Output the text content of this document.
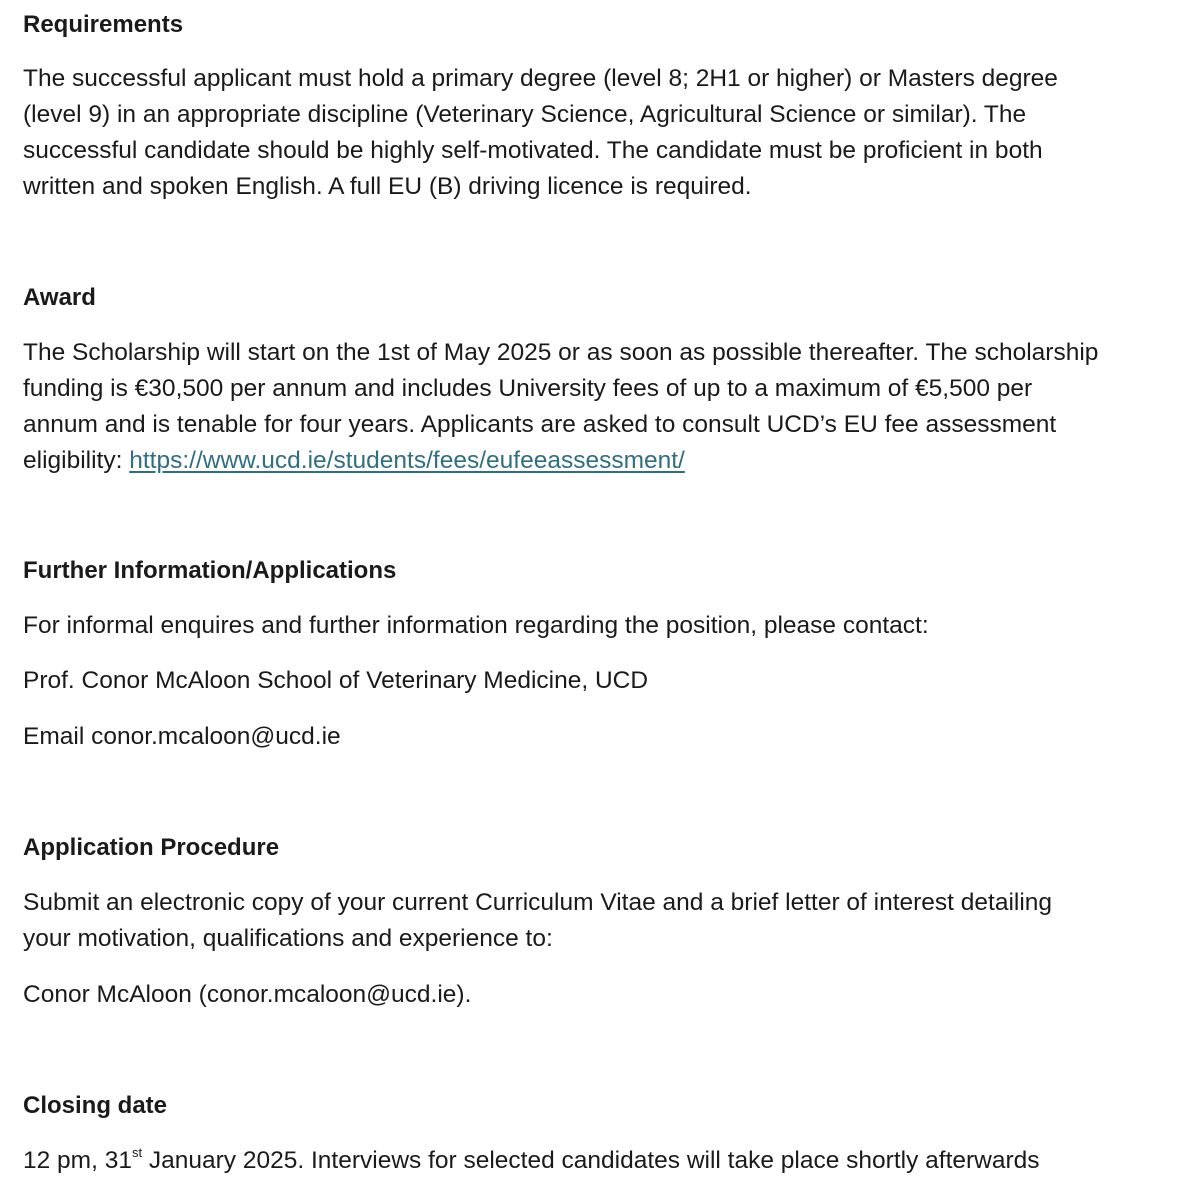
Requirements
The successful applicant must hold a primary degree (level 8; 2H1 or higher) or Masters degree
(level 9) in an appropriate discipline (Veterinary Science, Agricultural Science or similar). The
successful candidate should be highly self-motivated. The candidate must be proficient in both
written and spoken English. A full EU (B) driving licence is required.
Award
The Scholarship will start on the 1st of May 2025 or as soon as possible thereafter. The scholarship
funding is €30,500 per annum and includes University fees of up to a maximum of €5,500 per
annum and is tenable for four years. Applicants are asked to consult UCD’s EU fee assessment
eligibility: https://www.ucd.ie/students/fees/eufeeassessment/
Further Information/Applications
For informal enquires and further information regarding the position, please contact:
Prof. Conor McAloon School of Veterinary Medicine, UCD
Email conor.mcaloon@ucd.ie
Application Procedure
Submit an electronic copy of your current Curriculum Vitae and a brief letter of interest detailing
your motivation, qualifications and experience to:
Conor McAloon (conor.mcaloon@ucd.ie).
Closing date
12 pm, 31st January 2025. Interviews for selected candidates will take place shortly afterwards
